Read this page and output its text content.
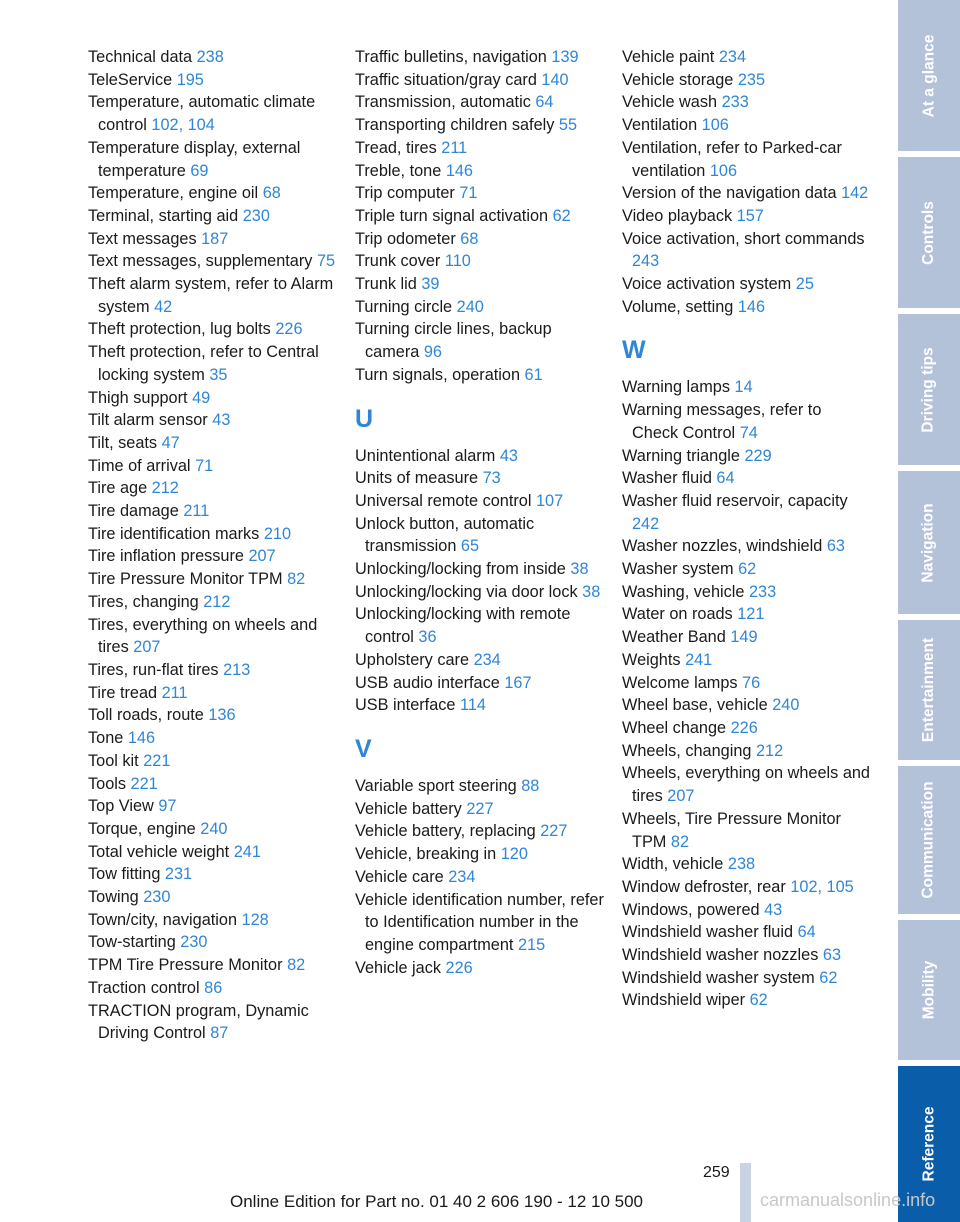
Technical data 238

TeleService 195

Temperature, automatic climate control 102, 104

Temperature display, external temperature 69

Temperature, engine oil 68

Terminal, starting aid 230

Text messages 187

Text messages, supplementary 75

Theft alarm system, refer to Alarm system 42

Theft protection, lug bolts 226

Theft protection, refer to Central locking system 35

Thigh support 49

Tilt alarm sensor 43

Tilt, seats 47

Time of arrival 71

Tire age 212

Tire damage 211

Tire identification marks 210

Tire inflation pressure 207

Tire Pressure Monitor TPM 82

Tires, changing 212

Tires, everything on wheels and tires 207

Tires, run-flat tires 213

Tire tread 211

Toll roads, route 136

Tone 146

Tool kit 221

Tools 221

Top View 97

Torque, engine 240

Total vehicle weight 241

Tow fitting 231

Towing 230

Town/city, navigation 128

Tow-starting 230

TPM Tire Pressure Monitor 82

Traction control 86

TRACTION program, Dynamic Driving Control 87

Traffic bulletins, navigation 139

Traffic situation/gray card 140

Transmission, automatic 64

Transporting children safely 55

Tread, tires 211

Treble, tone 146

Trip computer 71

Triple turn signal activation 62

Trip odometer 68

Trunk cover 110

Trunk lid 39

Turning circle 240

Turning circle lines, backup camera 96

Turn signals, operation 61

U

Unintentional alarm 43

Units of measure 73

Universal remote control 107

Unlock button, automatic transmission 65

Unlocking/locking from inside 38

Unlocking/locking via door lock 38

Unlocking/locking with remote control 36

Upholstery care 234

USB audio interface 167

USB interface 114

V

Variable sport steering 88

Vehicle battery 227

Vehicle battery, replacing 227

Vehicle, breaking in 120

Vehicle care 234

Vehicle identification number, refer to Identification number in the engine compartment 215

Vehicle jack 226

Vehicle paint 234

Vehicle storage 235

Vehicle wash 233

Ventilation 106

Ventilation, refer to Parked-car ventilation 106

Version of the navigation data 142

Video playback 157

Voice activation, short commands 243

Voice activation system 25

Volume, setting 146

W

Warning lamps 14

Warning messages, refer to Check Control 74

Warning triangle 229

Washer fluid 64

Washer fluid reservoir, capacity 242

Washer nozzles, windshield 63

Washer system 62

Washing, vehicle 233

Water on roads 121

Weather Band 149

Weights 241

Welcome lamps 76

Wheel base, vehicle 240

Wheel change 226

Wheels, changing 212

Wheels, everything on wheels and tires 207

Wheels, Tire Pressure Monitor TPM 82

Width, vehicle 238

Window defroster, rear 102, 105

Windows, powered 43

Windshield washer fluid 64

Windshield washer nozzles 63

Windshield washer system 62

Windshield wiper 62

At a glance
Controls
Driving tips
Navigation
Entertainment
Communication
Mobility
Reference
259
Online Edition for Part no. 01 40 2 606 190 - 12 10 500	carmanualsonline.info
